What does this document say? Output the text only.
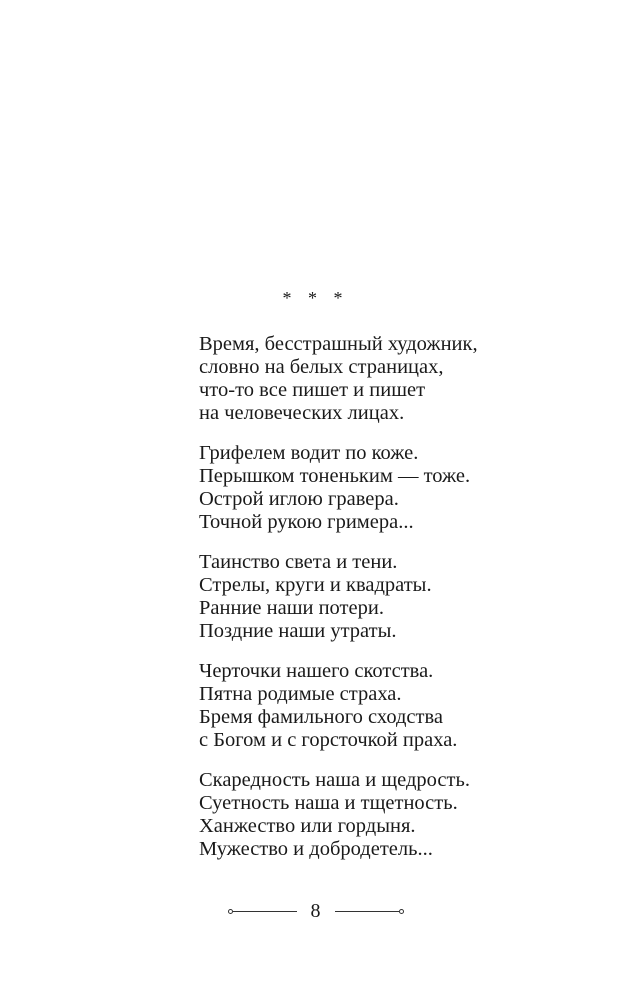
* * *
Время, бесстрашный художник,
словно на белых страницах,
что-то все пишет и пишет
на человеческих лицах.
Грифелем водит по коже.
Перышком тоненьким — тоже.
Острой иглою гравера.
Точной рукою гримера...
Таинство света и тени.
Стрелы, круги и квадраты.
Ранние наши потери.
Поздние наши утраты.
Черточки нашего скотства.
Пятна родимые страха.
Бремя фамильного сходства
с Богом и с горсточкой праха.
Скаредность наша и щедрость.
Суетность наша и тщетность.
Ханжество или гордыня.
Мужество и добродетель...
8
